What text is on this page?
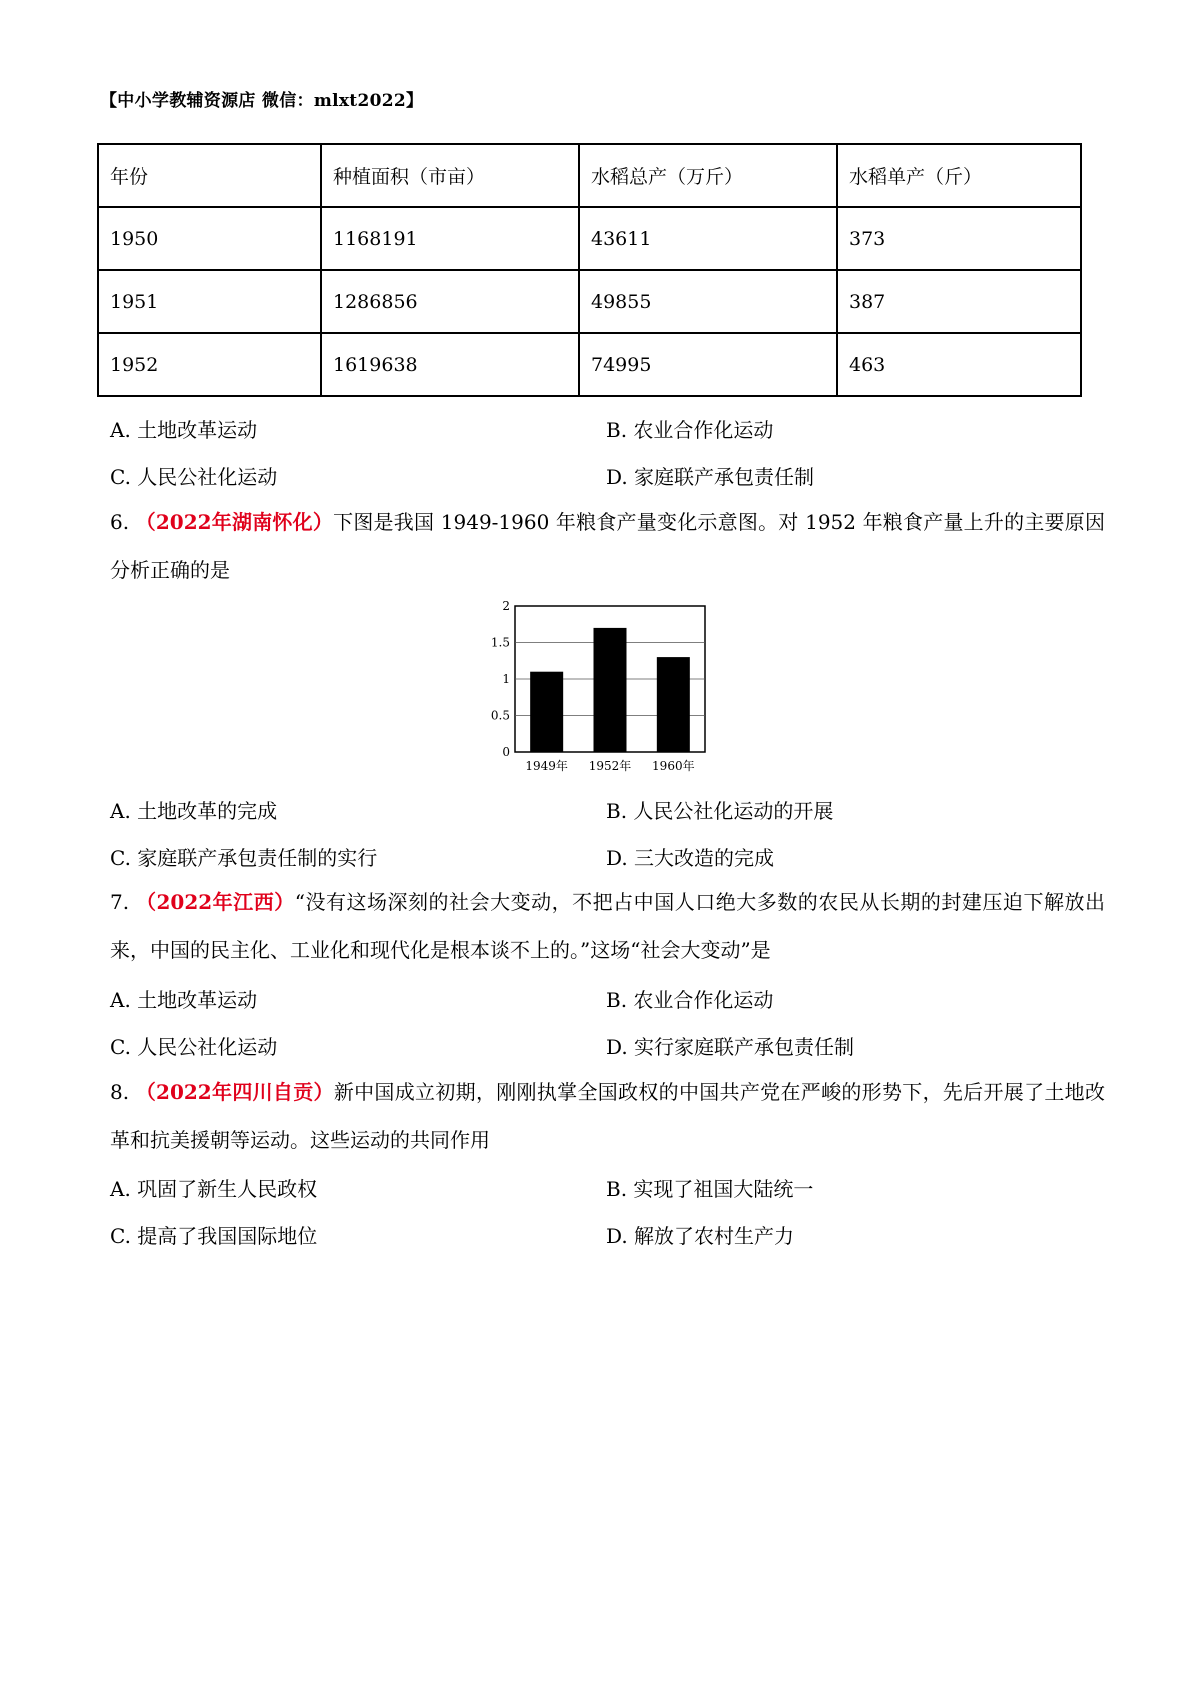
【中小学教辅资源店 微信：mlxt2022】
年份	种植面积（市亩）	水稻总产（万斤）	水稻单产（斤）
1950	1168191	43611	373
1951	1286856	49855	387
1952	1619638	74995	463
A. 土地改革运动	B. 农业合作化运动
C. 人民公社化运动	D. 家庭联产承包责任制
6. （2022年湖南怀化）下图是我国 1949-1960 年粮食产量变化示意图。对 1952 年粮食产量上升的主要原因分析正确的是
0
0.5
1
1.5
2
1949年 1952年 1960年
A. 土地改革的完成	B. 人民公社化运动的开展
C. 家庭联产承包责任制的实行	D. 三大改造的完成
7. （2022年江西）“没有这场深刻的社会大变动，不把占中国人口绝大多数的农民从长期的封建压迫下解放出来，中国的民主化、工业化和现代化是根本谈不上的。”这场“社会大变动”是
A. 土地改革运动	B. 农业合作化运动
C. 人民公社化运动	D. 实行家庭联产承包责任制
8. （2022年四川自贡）新中国成立初期，刚刚执掌全国政权的中国共产党在严峻的形势下，先后开展了土地改革和抗美援朝等运动。这些运动的共同作用
A. 巩固了新生人民政权	B. 实现了祖国大陆统一
C. 提高了我国国际地位	D. 解放了农村生产力
